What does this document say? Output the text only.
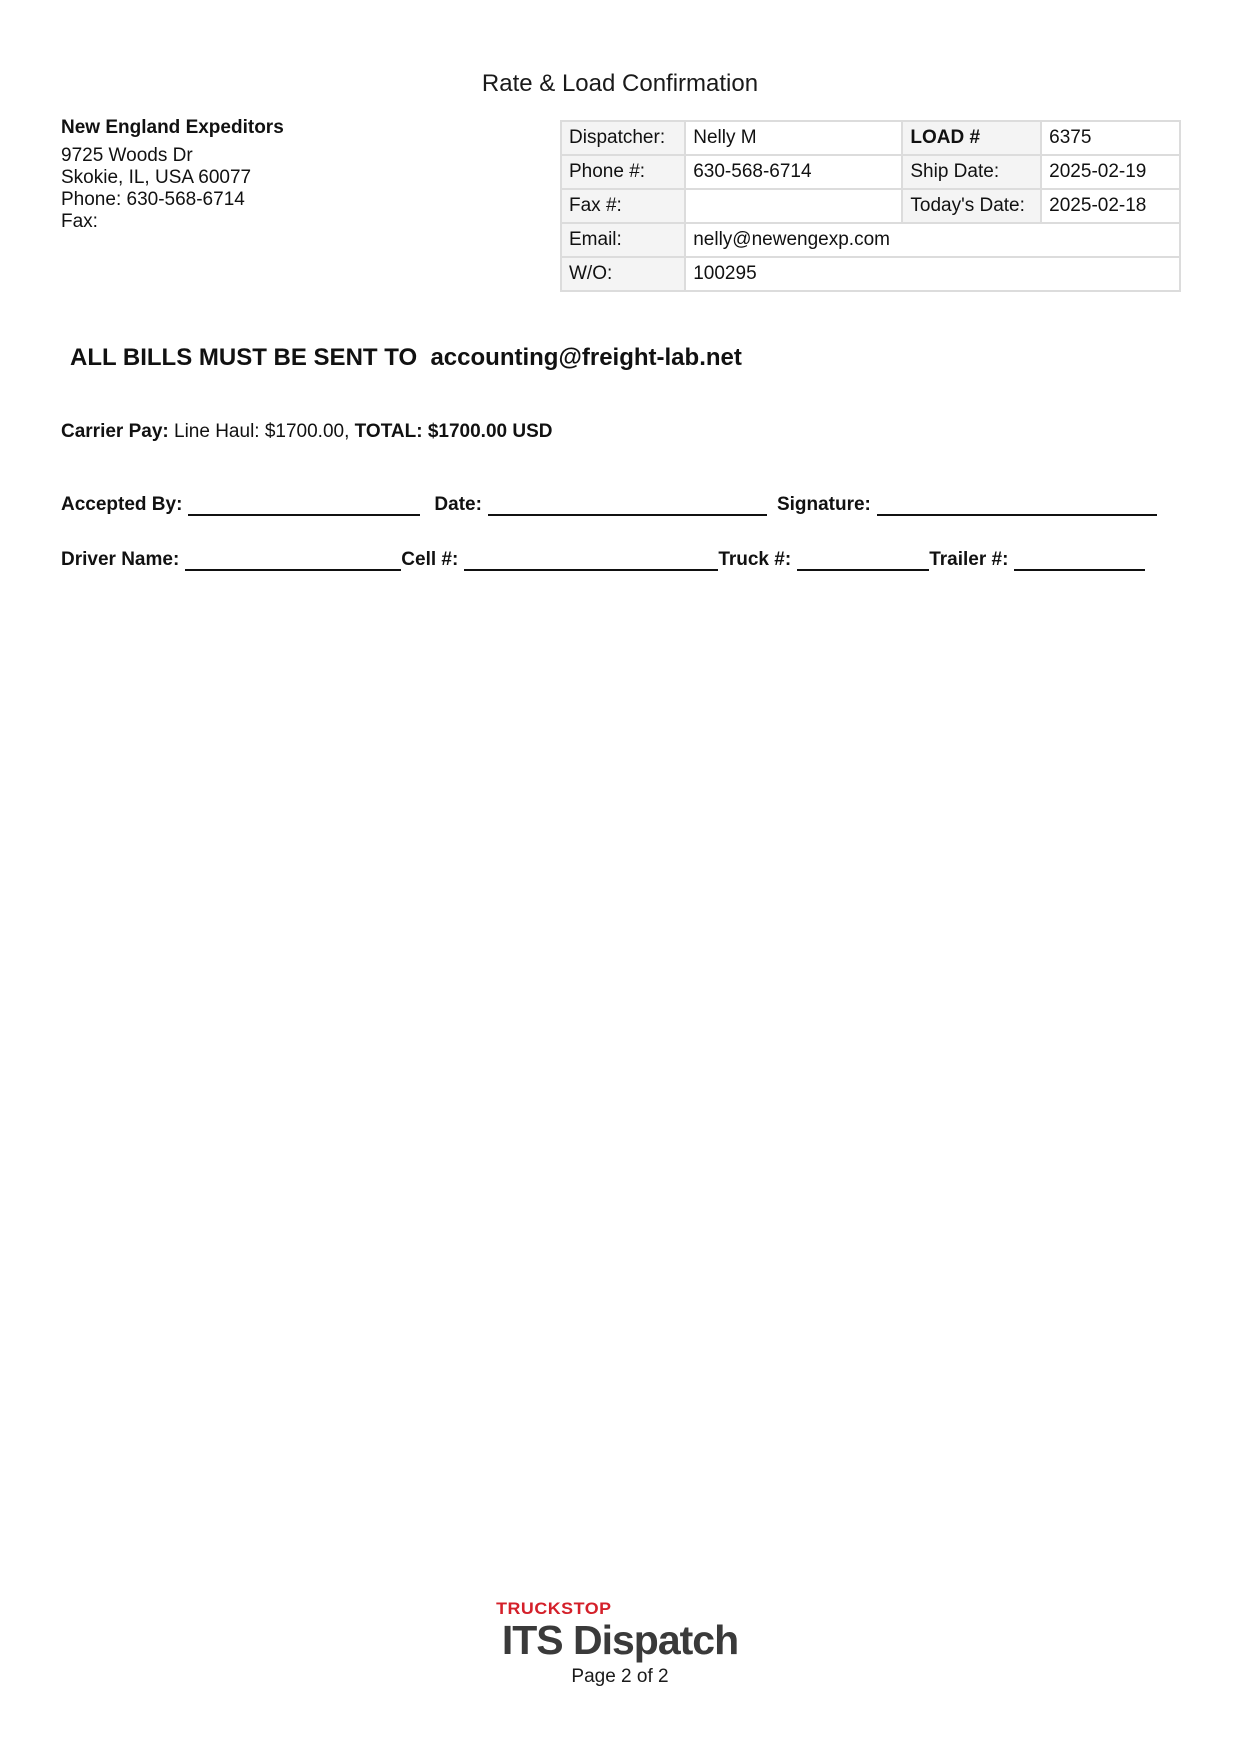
Rate & Load Confirmation
New England Expeditors
9725 Woods Dr
Skokie, IL, USA 60077
Phone: 630-568-6714
Fax:
Dispatcher:	Nelly M	LOAD #	6375
Phone #:	630-568-6714	Ship Date:	2025-02-19
Fax #:		Today's Date:	2025-02-18
Email:	nelly@newengexp.com		
W/O:	100295		
ALL BILLS MUST BE SENT TO  accounting@freight-lab.net
Carrier Pay: Line Haul: $1700.00, TOTAL: $1700.00 USD
Accepted By:	Date:	Signature:
Driver Name:	Cell #:	Truck #:	Trailer #:
TRUCKSTOP
ITS Dispatch
Page 2 of 2
